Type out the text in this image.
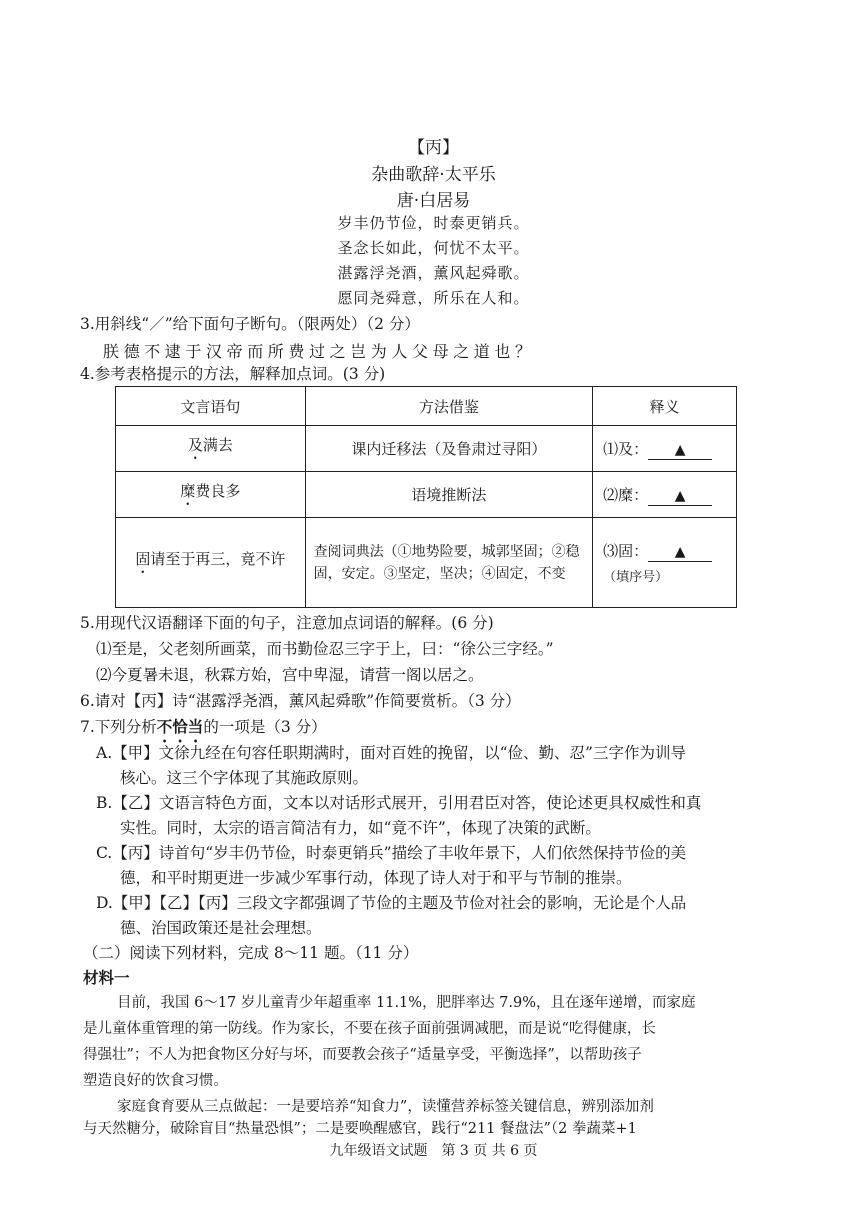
【丙】
杂曲歌辞·太平乐
唐·白居易
岁丰仍节俭，时泰更销兵。
圣念长如此，何忧不太平。
湛露浮尧酒，薰风起舜歌。
愿同尧舜意，所乐在人和。
3.用斜线“／”给下面句子断句。（限两处）（2 分）
朕德不逮于汉帝而所费过之岂为人父母之道也？
4.参考表格提示的方法，解释加点词。(3 分)
文言语句	方法借鉴	释义
及满去	课内迁移法（及鲁肃过寻阳）	⑴及： ▲
糜费良多	语境推断法	⑵糜： ▲
固请至于再三，竟不许	查阅词典法（①地势险要，城郭坚固；②稳固，安定。③坚定，坚决；④固定，不变	⑶固： ▲
（填序号）
5.用现代汉语翻译下面的句子，注意加点词语的解释。(6 分)
⑴至是，父老刻所画菜，而书勤俭忍三字于上，曰：“徐公三字经。”
⑵今夏暑未退，秋霖方始，宫中卑湿，请营一阁以居之。
6.请对【丙】诗“湛露浮尧酒，薰风起舜歌”作简要赏析。（3 分）
7.下列分析不恰当的一项是（3 分）
A.【甲】文徐九经在句容任职期满时，面对百姓的挽留，以“俭、勤、忍”三字作为训导
核心。这三个字体现了其施政原则。
B.【乙】文语言特色方面，文本以对话形式展开，引用君臣对答，使论述更具权威性和真
实性。同时，太宗的语言简洁有力，如“竟不许”，体现了决策的武断。
C.【丙】诗首句“岁丰仍节俭，时泰更销兵”描绘了丰收年景下，人们依然保持节俭的美
德，和平时期更进一步减少军事行动，体现了诗人对于和平与节制的推崇。
D.【甲】【乙】【丙】三段文字都强调了节俭的主题及节俭对社会的影响，无论是个人品
德、治国政策还是社会理想。
（二）阅读下列材料，完成 8～11 题。（11 分）
材料一
目前，我国 6～17 岁儿童青少年超重率 11.1%，肥胖率达 7.9%，且在逐年递增，而家庭
是儿童体重管理的第一防线。作为家长，不要在孩子面前强调减肥，而是说“吃得健康，长
得强壮”；不人为把食物区分好与坏，而要教会孩子“适量享受，平衡选择”，以帮助孩子
塑造良好的饮食习惯。
家庭食育要从三点做起：一是要培养“知食力”，读懂营养标签关键信息，辨别添加剂
与天然糖分，破除盲目“热量恐惧”；二是要唤醒感官，践行“211 餐盘法”（2 拳蔬菜+1
九年级语文试题　第 3 页 共 6 页
